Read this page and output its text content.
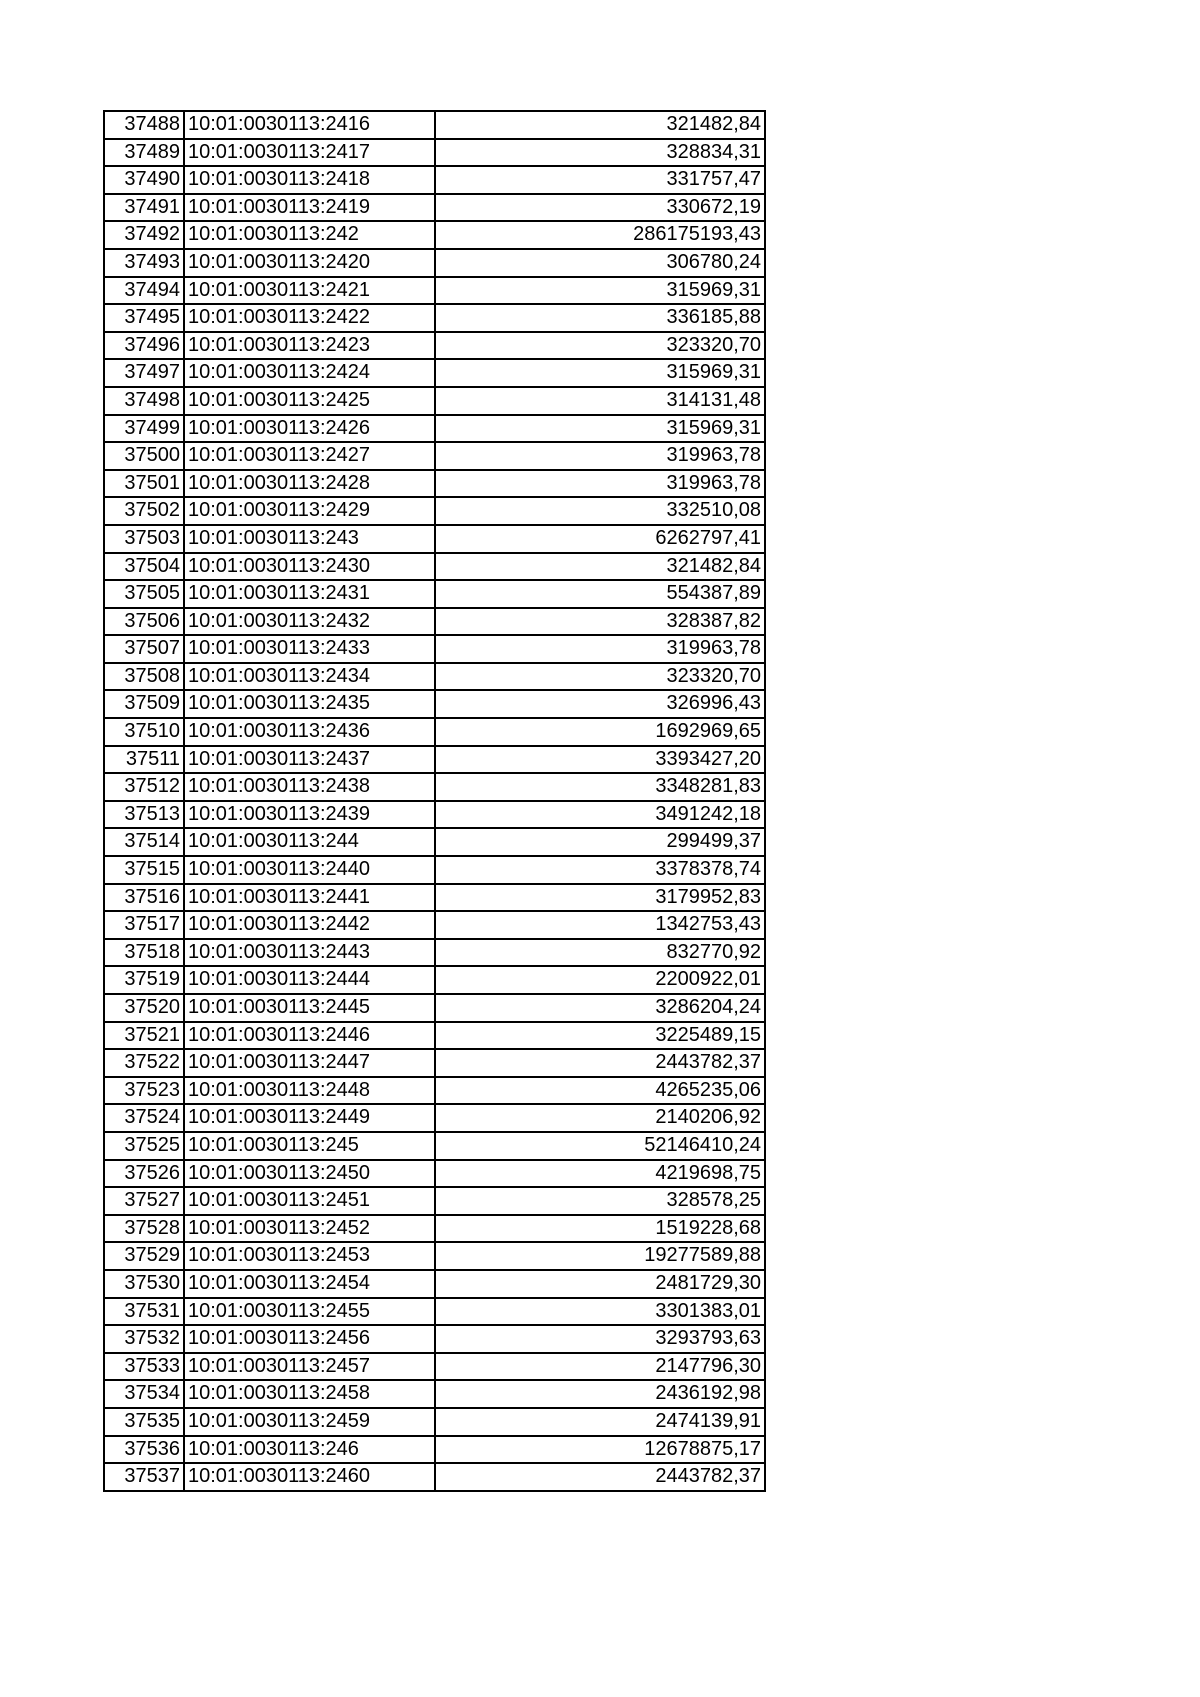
37488	10:01:0030113:2416	321482,84
37489	10:01:0030113:2417	328834,31
37490	10:01:0030113:2418	331757,47
37491	10:01:0030113:2419	330672,19
37492	10:01:0030113:242	286175193,43
37493	10:01:0030113:2420	306780,24
37494	10:01:0030113:2421	315969,31
37495	10:01:0030113:2422	336185,88
37496	10:01:0030113:2423	323320,70
37497	10:01:0030113:2424	315969,31
37498	10:01:0030113:2425	314131,48
37499	10:01:0030113:2426	315969,31
37500	10:01:0030113:2427	319963,78
37501	10:01:0030113:2428	319963,78
37502	10:01:0030113:2429	332510,08
37503	10:01:0030113:243	6262797,41
37504	10:01:0030113:2430	321482,84
37505	10:01:0030113:2431	554387,89
37506	10:01:0030113:2432	328387,82
37507	10:01:0030113:2433	319963,78
37508	10:01:0030113:2434	323320,70
37509	10:01:0030113:2435	326996,43
37510	10:01:0030113:2436	1692969,65
37511	10:01:0030113:2437	3393427,20
37512	10:01:0030113:2438	3348281,83
37513	10:01:0030113:2439	3491242,18
37514	10:01:0030113:244	299499,37
37515	10:01:0030113:2440	3378378,74
37516	10:01:0030113:2441	3179952,83
37517	10:01:0030113:2442	1342753,43
37518	10:01:0030113:2443	832770,92
37519	10:01:0030113:2444	2200922,01
37520	10:01:0030113:2445	3286204,24
37521	10:01:0030113:2446	3225489,15
37522	10:01:0030113:2447	2443782,37
37523	10:01:0030113:2448	4265235,06
37524	10:01:0030113:2449	2140206,92
37525	10:01:0030113:245	52146410,24
37526	10:01:0030113:2450	4219698,75
37527	10:01:0030113:2451	328578,25
37528	10:01:0030113:2452	1519228,68
37529	10:01:0030113:2453	19277589,88
37530	10:01:0030113:2454	2481729,30
37531	10:01:0030113:2455	3301383,01
37532	10:01:0030113:2456	3293793,63
37533	10:01:0030113:2457	2147796,30
37534	10:01:0030113:2458	2436192,98
37535	10:01:0030113:2459	2474139,91
37536	10:01:0030113:246	12678875,17
37537	10:01:0030113:2460	2443782,37
